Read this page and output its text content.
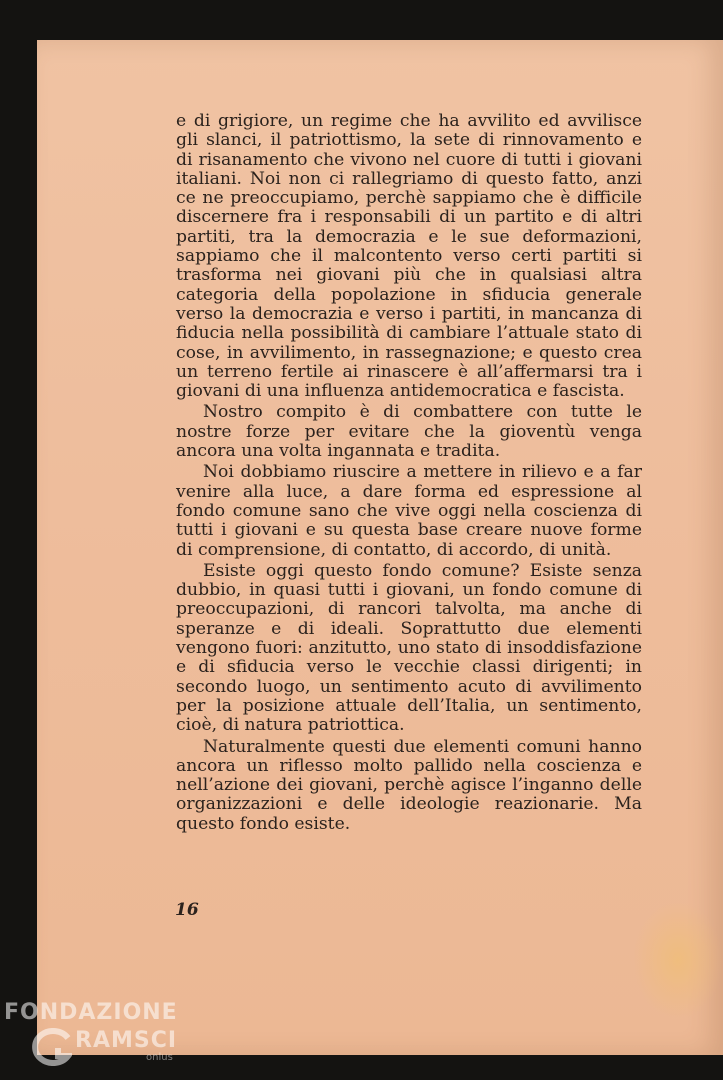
e di grigiore, un regime che ha avvilito ed avvilisce gli slanci, il patriottismo, la sete di rinnovamento e di risanamento che vivono nel cuore di tutti i giovani italiani. Noi non ci rallegriamo di questo fatto, anzi ce ne preoccupiamo, perchè sappiamo che è difficile discernere fra i responsabili di un partito e di altri partiti, tra la democrazia e le sue deformazioni, sappiamo che il malcontento verso certi partiti si trasforma nei giovani più che in qualsiasi altra categoria della popolazione in sfiducia generale verso la democrazia e verso i partiti, in mancanza di fiducia nella possibilità di cambiare l’attuale stato di cose, in avvilimento, in rassegnazione; e questo crea un terreno fertile ai rinascere è all’affermarsi tra i giovani di una influenza antidemocratica e fascista.

Nostro compito è di combattere con tutte le nostre forze per evitare che la gioventù venga ancora una volta ingannata e tradita.

Noi dobbiamo riuscire a mettere in rilievo e a far venire alla luce, a dare forma ed espressione al fondo comune sano che vive oggi nella coscienza di tutti i giovani e su questa base creare nuove forme di comprensione, di contatto, di accordo, di unità.

Esiste oggi questo fondo comune? Esiste senza dubbio, in quasi tutti i giovani, un fondo comune di preoccupazioni, di rancori talvolta, ma anche di speranze e di ideali. Soprattutto due elementi vengono fuori: anzitutto, uno stato di insoddisfazione e di sfiducia verso le vecchie classi dirigenti; in secondo luogo, un sentimento acuto di avvilimento per la posizione attuale dell’Italia, un sentimento, cioè, di natura patriottica.

Naturalmente questi due elementi comuni hanno ancora un riflesso molto pallido nella coscienza e nell’azione dei giovani, perchè agisce l’inganno delle organizzazioni e delle ideologie reazionarie. Ma questo fondo esiste.

16
FONDAZIONE
RAMSCI
onlus
